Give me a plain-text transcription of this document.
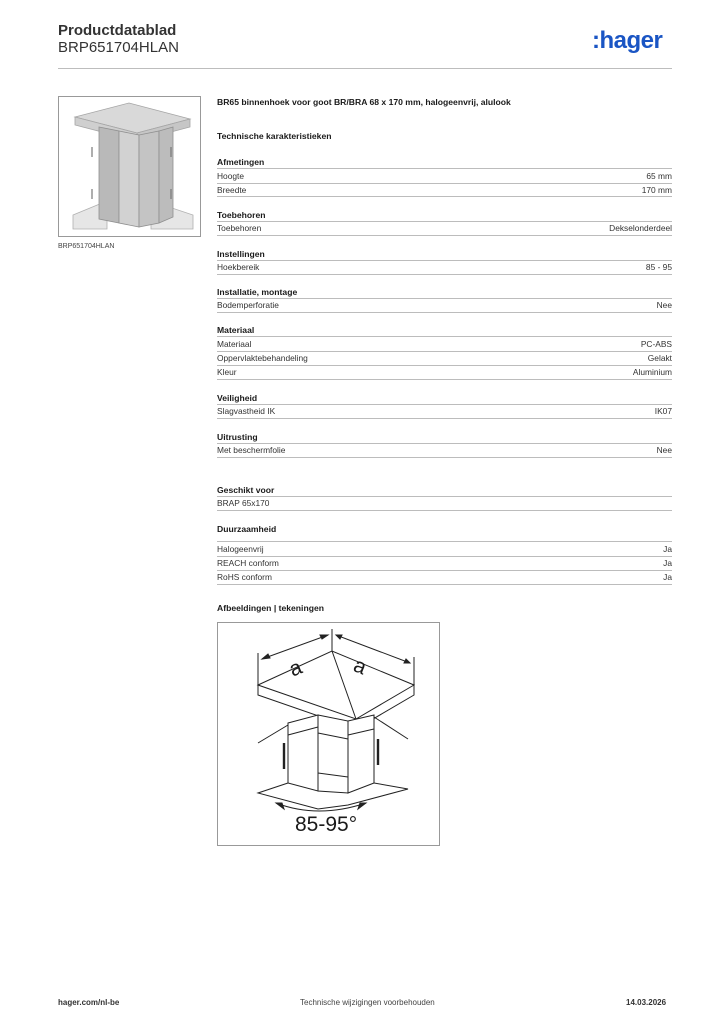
Productdatablad
BRP651704HLAN	:hager
BRP651704HLAN
BR65 binnenhoek voor goot BR/BRA 68 x 170 mm, halogeenvrij, alulook
Technische karakteristieken
Afmetingen
Hoogte	65 mm
Breedte	170 mm
Toebehoren
Toebehoren	Dekselonderdeel
Instellingen
Hoekbereik	85 - 95
Installatie, montage
Bodemperforatie	Nee
Materiaal
Materiaal	PC-ABS
Oppervlaktebehandeling	Gelakt
Kleur	Aluminium
Veiligheid
Slagvastheid IK	IK07
Uitrusting
Met beschermfolie	Nee
Geschikt voor
BRAP 65x170
Duurzaamheid
Halogeenvrij	Ja
REACH conform	Ja
RoHS conform	Ja
Afbeeldingen | tekeningen
a a
85-95°
hager.com/nl-be	Technische wijzigingen voorbehouden	14.03.2026
